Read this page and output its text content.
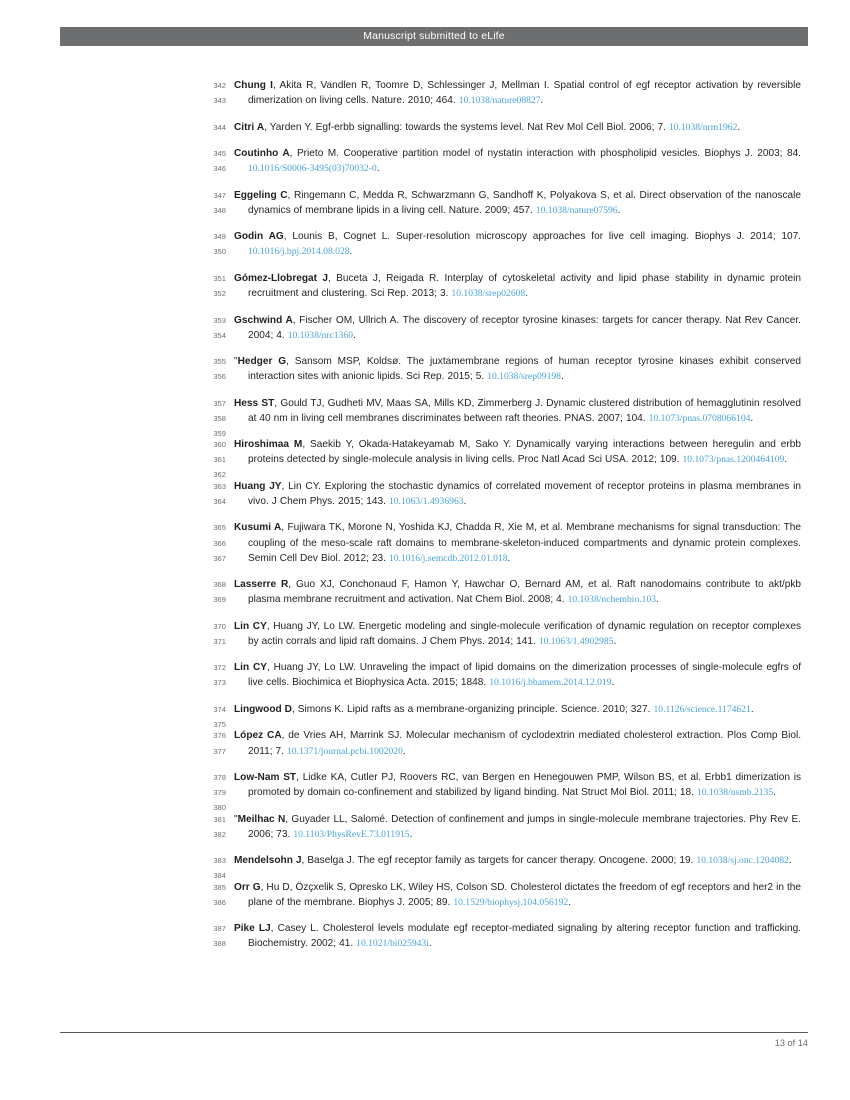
Manuscript submitted to eLife
342
343
Chung I, Akita R, Vandlen R, Toomre D, Schlessinger J, Mellman I. Spatial control of egf receptor activation by reversible dimerization on living cells. Nature. 2010; 464. 10.1038/nature08827.
344 Citri A, Yarden Y. Egf-erbb signalling: towards the systems level. Nat Rev Mol Cell Biol. 2006; 7. 10.1038/nrm1962.
345
346
Coutinho A, Prieto M. Cooperative partition model of nystatin interaction with phospholipid vesicles. Biophys J. 2003; 84. 10.1016/S0006-3495(03)70032-0.
347
348
Eggeling C, Ringemann C, Medda R, Schwarzmann G, Sandhoff K, Polyakova S, et al. Direct observation of the nanoscale dynamics of membrane lipids in a living cell. Nature. 2009; 457. 10.1038/nature07596.
349
350
Godin AG, Lounis B, Cognet L. Super-resolution microscopy approaches for live cell imaging. Biophys J. 2014; 107. 10.1016/j.bpj.2014.08.028.
351
352
Gómez-Llobregat J, Buceta J, Reigada R. Interplay of cytoskeletal activity and lipid phase stability in dynamic protein recruitment and clustering. Sci Rep. 2013; 3. 10.1038/srep02608.
353
354
Gschwind A, Fischer OM, Ullrich A. The discovery of receptor tyrosine kinases: targets for cancer therapy. Nat Rev Cancer. 2004; 4. 10.1038/nrc1360.
355
356
"Hedger G, Sansom MSP, Koldsø. The juxtamembrane regions of human receptor tyrosine kinases exhibit conserved interaction sites with anionic lipids. Sci Rep. 2015; 5. 10.1038/srep09198.
357
358
359
Hess ST, Gould TJ, Gudheti MV, Maas SA, Mills KD, Zimmerberg J. Dynamic clustered distribution of hemagglutinin resolved at 40 nm in living cell membranes discriminates between raft theories. PNAS. 2007; 104. 10.1073/pnas.0708066104.
360
361
362
Hiroshimaa M, Saekib Y, Okada-Hatakeyamab M, Sako Y. Dynamically varying interactions between heregulin and erbb proteins detected by single-molecule analysis in living cells. Proc Natl Acad Sci USA. 2012; 109. 10.1073/pnas.1200464109.
363
364
Huang JY, Lin CY. Exploring the stochastic dynamics of correlated movement of receptor proteins in plasma membranes in vivo. J Chem Phys. 2015; 143. 10.1063/1.4936963.
365
366
367
Kusumi A, Fujiwara TK, Morone N, Yoshida KJ, Chadda R, Xie M, et al. Membrane mechanisms for signal transduction: The coupling of the meso-scale raft domains to membrane-skeleton-induced compartments and dynamic protein complexes. Semin Cell Dev Biol. 2012; 23. 10.1016/j.semcdb.2012.01.018.
368
369
Lasserre R, Guo XJ, Conchonaud F, Hamon Y, Hawchar O, Bernard AM, et al. Raft nanodomains contribute to akt/pkb plasma membrane recruitment and activation. Nat Chem Biol. 2008; 4. 10.1038/nchembio.103.
370
371
Lin CY, Huang JY, Lo LW. Energetic modeling and single-molecule verification of dynamic regulation on receptor complexes by actin corrals and lipid raft domains. J Chem Phys. 2014; 141. 10.1063/1.4902985.
372
373
Lin CY, Huang JY, Lo LW. Unraveling the impact of lipid domains on the dimerization processes of single-molecule egfrs of live cells. Biochimica et Biophysica Acta. 2015; 1848. 10.1016/j.bbamem.2014.12.019.
374
375
Lingwood D, Simons K. Lipid rafts as a membrane-organizing principle. Science. 2010; 327. 10.1126/science.1174621.
376
377
López CA, de Vries AH, Marrink SJ. Molecular mechanism of cyclodextrin mediated cholesterol extraction. Plos Comp Biol. 2011; 7. 10.1371/journal.pcbi.1002020.
378
379
380
Low-Nam ST, Lidke KA, Cutler PJ, Roovers RC, van Bergen en Henegouwen PMP, Wilson BS, et al. Erbb1 dimerization is promoted by domain co-confinement and stabilized by ligand binding. Nat Struct Mol Biol. 2011; 18. 10.1038/nsmb.2135.
381
382
"Meilhac N, Guyader LL, Salomé. Detection of confinement and jumps in single-molecule membrane trajectories. Phy Rev E. 2006; 73. 10.1103/PhysRevE.73.011915.
383
384
Mendelsohn J, Baselga J. The egf receptor family as targets for cancer therapy. Oncogene. 2000; 19. 10.1038/sj.onc.1204082.
385
386
Orr G, Hu D, Özçxelik S, Opresko LK, Wiley HS, Colson SD. Cholesterol dictates the freedom of egf receptors and her2 in the plane of the membrane. Biophys J. 2005; 89. 10.1529/biophysj.104.056192.
387
388
Pike LJ, Casey L. Cholesterol levels modulate egf receptor-mediated signaling by altering receptor function and trafficking. Biochemistry. 2002; 41. 10.1021/bi025943i.
13 of 14
